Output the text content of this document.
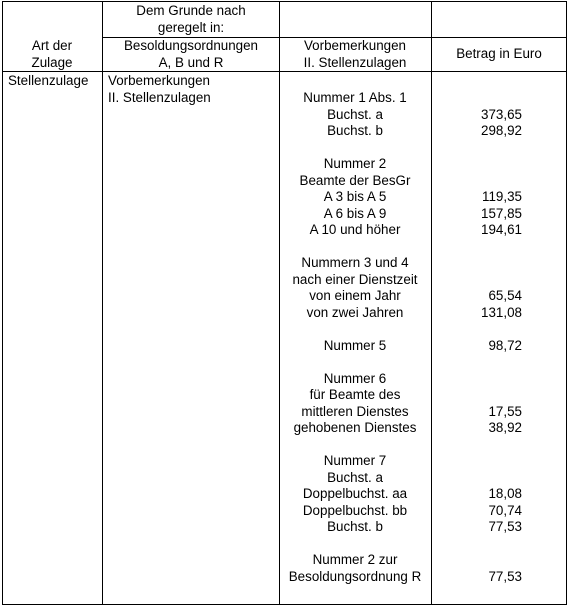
Dem Grunde nach
geregelt in:
Art der
Zulage
Besoldungsordnungen
A, B und R
Vorbemerkungen
II. Stellenzulagen
Betrag in Euro
Stellenzulage Vorbemerkungen
II. Stellenzulagen	Nummer 1 Abs. 1
Buchst. a
Buchst. b
Nummer 2
Beamte der BesGr
A 3 bis A 5
A 6 bis A 9
A 10 und höher
Nummern 3 und 4
nach einer Dienstzeit
von einem Jahr
von zwei Jahren
Nummer 5
Nummer 6
für Beamte des
mittleren Dienstes
gehobenen Dienstes
Nummer 7
Buchst. a
Doppelbuchst. aa
Doppelbuchst. bb
Buchst. b
Nummer 2 zur
Besoldungsordnung R
373,65
298,92
119,35
157,85
194,61
65,54
131,08
98,72
17,55
38,92
18,08
70,74
77,53
77,53
